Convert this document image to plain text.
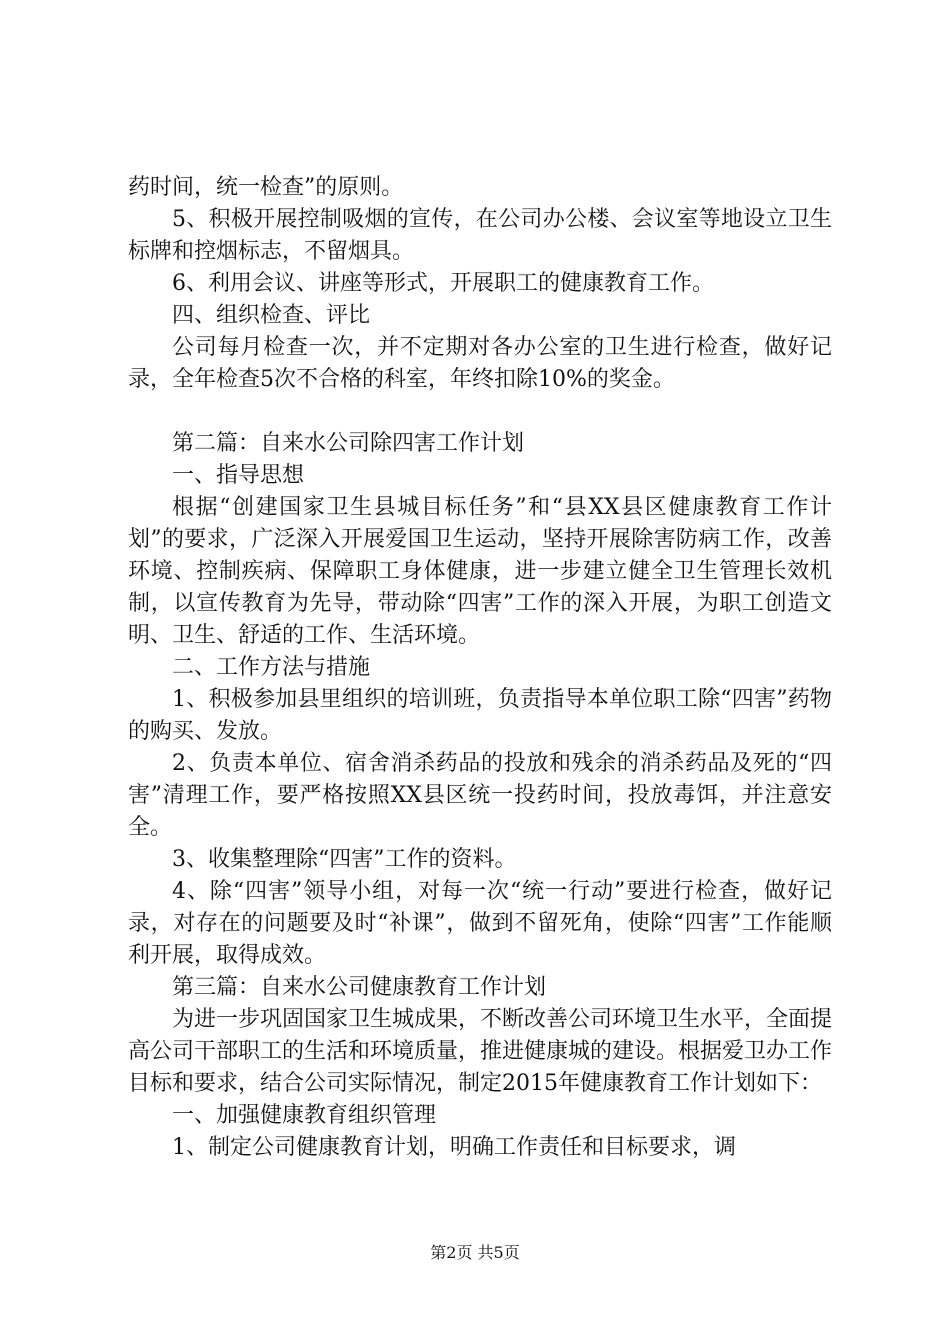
药时间，统一检查”的原则。

5、积极开展控制吸烟的宣传，在公司办公楼、会议室等地设立卫生标牌和控烟标志，不留烟具。

6、利用会议、讲座等形式，开展职工的健康教育工作。

四、组织检查、评比

公司每月检查一次，并不定期对各办公室的卫生进行检查，做好记录，全年检查5次不合格的科室，年终扣除10%的奖金。

第二篇：自来水公司除四害工作计划

一、指导思想

根据“创建国家卫生县城目标任务”和“县XX县区健康教育工作计划”的要求，广泛深入开展爱国卫生运动，坚持开展除害防病工作，改善环境、控制疾病、保障职工身体健康，进一步建立健全卫生管理长效机制，以宣传教育为先导，带动除“四害”工作的深入开展，为职工创造文明、卫生、舒适的工作、生活环境。

二、工作方法与措施

1、积极参加县里组织的培训班，负责指导本单位职工除“四害”药物的购买、发放。

2、负责本单位、宿舍消杀药品的投放和残余的消杀药品及死的“四害”清理工作，要严格按照XX县区统一投药时间，投放毒饵，并注意安全。

3、收集整理除“四害”工作的资料。

4、除“四害”领导小组，对每一次“统一行动”要进行检查，做好记录，对存在的问题要及时“补课”，做到不留死角，使除“四害”工作能顺利开展，取得成效。

第三篇：自来水公司健康教育工作计划

为进一步巩固国家卫生城成果，不断改善公司环境卫生水平，全面提高公司干部职工的生活和环境质量，推进健康城的建设。根据爱卫办工作目标和要求，结合公司实际情况，制定2015年健康教育工作计划如下：

一、加强健康教育组织管理

1、制定公司健康教育计划，明确工作责任和目标要求，调

第2页 共5页
